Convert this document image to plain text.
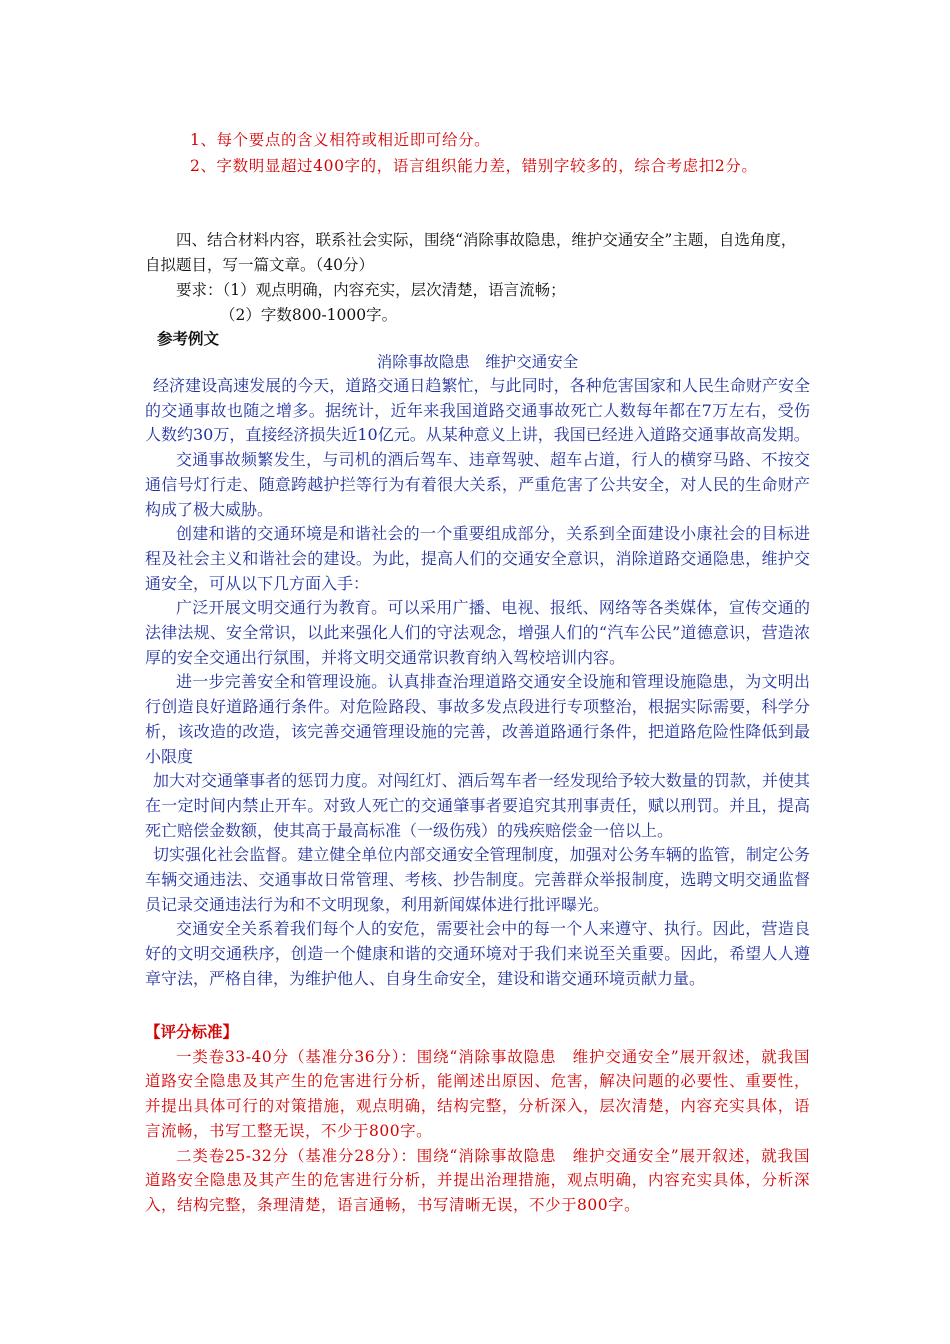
1、每个要点的含义相符或相近即可给分。
2、字数明显超过400字的，语言组织能力差，错别字较多的，综合考虑扣2分。

四、结合材料内容，联系社会实际，围绕“消除事故隐患，维护交通安全”主题，自选角度，自拟题目，写一篇文章。（40分）

要求：（1）观点明确，内容充实，层次清楚，语言流畅；

（2）字数800-1000字。

参考例文
消除事故隐患　维护交通安全

经济建设高速发展的今天，道路交通日趋繁忙，与此同时，各种危害国家和人民生命财产安全的交通事故也随之增多。据统计，近年来我国道路交通事故死亡人数每年都在7万左右，受伤人数约30万，直接经济损失近10亿元。从某种意义上讲，我国已经进入道路交通事故高发期。

交通事故频繁发生，与司机的酒后驾车、违章驾驶、超车占道，行人的横穿马路、不按交通信号灯行走、随意跨越护拦等行为有着很大关系，严重危害了公共安全，对人民的生命财产构成了极大威胁。

创建和谐的交通环境是和谐社会的一个重要组成部分，关系到全面建设小康社会的目标进程及社会主义和谐社会的建设。为此，提高人们的交通安全意识，消除道路交通隐患，维护交通安全，可从以下几方面入手：

广泛开展文明交通行为教育。可以采用广播、电视、报纸、网络等各类媒体，宣传交通的法律法规、安全常识，以此来强化人们的守法观念，增强人们的“汽车公民”道德意识，营造浓厚的安全交通出行氛围，并将文明交通常识教育纳入驾校培训内容。

进一步完善安全和管理设施。认真排查治理道路交通安全设施和管理设施隐患，为文明出行创造良好道路通行条件。对危险路段、事故多发点段进行专项整治，根据实际需要，科学分析，该改造的改造，该完善交通管理设施的完善，改善道路通行条件，把道路危险性降低到最小限度

加大对交通肇事者的惩罚力度。对闯红灯、酒后驾车者一经发现给予较大数量的罚款，并使其在一定时间内禁止开车。对致人死亡的交通肇事者要追究其刑事责任，赋以刑罚。并且，提高死亡赔偿金数额，使其高于最高标准（一级伤残）的残疾赔偿金一倍以上。

切实强化社会监督。建立健全单位内部交通安全管理制度，加强对公务车辆的监管，制定公务车辆交通违法、交通事故日常管理、考核、抄告制度。完善群众举报制度，选聘文明交通监督员记录交通违法行为和不文明现象，利用新闻媒体进行批评曝光。

交通安全关系着我们每个人的安危，需要社会中的每一个人来遵守、执行。因此，营造良好的文明交通秩序，创造一个健康和谐的交通环境对于我们来说至关重要。因此，希望人人遵章守法，严格自律，为维护他人、自身生命安全，建设和谐交通环境贡献力量。

【评分标准】

一类卷33-40分（基准分36分）：围绕“消除事故隐患　维护交通安全”展开叙述，就我国道路安全隐患及其产生的危害进行分析，能阐述出原因、危害，解决问题的必要性、重要性，并提出具体可行的对策措施，观点明确，结构完整，分析深入，层次清楚，内容充实具体，语言流畅，书写工整无误，不少于800字。

二类卷25-32分（基准分28分）：围绕“消除事故隐患　维护交通安全”展开叙述，就我国道路安全隐患及其产生的危害进行分析，并提出治理措施，观点明确，内容充实具体，分析深入，结构完整，条理清楚，语言通畅，书写清晰无误，不少于800字。
